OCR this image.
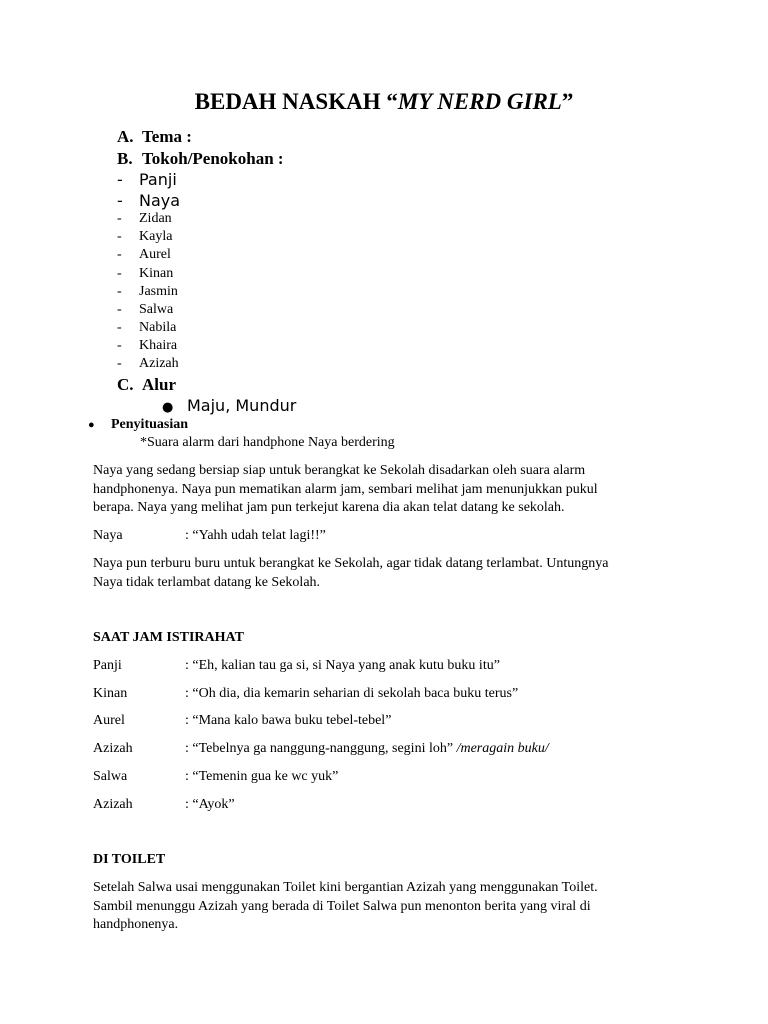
BEDAH NASKAH “MY NERD GIRL”
A. Tema :
B. Tokoh/Penokohan :
- Panji
- Naya
- Zidan
- Kayla
- Aurel
- Kinan
- Jasmin
- Salwa
- Nabila
- Khaira
- Azizah
C. Alur
● Maju, Mundur
● Penyituasian
*Suara alarm dari handphone Naya berdering
Naya yang sedang bersiap siap untuk berangkat ke Sekolah disadarkan oleh suara alarm
handphonenya. Naya pun mematikan alarm jam, sembari melihat jam menunjukkan pukul
berapa. Naya yang melihat jam pun terkejut karena dia akan telat datang ke sekolah.
Naya	: “Yahh udah telat lagi!!”
Naya pun terburu buru untuk berangkat ke Sekolah, agar tidak datang terlambat. Untungnya
Naya tidak terlambat datang ke Sekolah.
SAAT JAM ISTIRAHAT
Panji	: “Eh, kalian tau ga si, si Naya yang anak kutu buku itu”
Kinan	: “Oh dia, dia kemarin seharian di sekolah baca buku terus”
Aurel	: “Mana kalo bawa buku tebel-tebel”
Azizah	: “Tebelnya ga nanggung-nanggung, segini loh” /meragain buku/
Salwa	: “Temenin gua ke wc yuk”
Azizah	: “Ayok”
DI TOILET
Setelah Salwa usai menggunakan Toilet kini bergantian Azizah yang menggunakan Toilet.
Sambil menunggu Azizah yang berada di Toilet Salwa pun menonton berita yang viral di
handphonenya.
